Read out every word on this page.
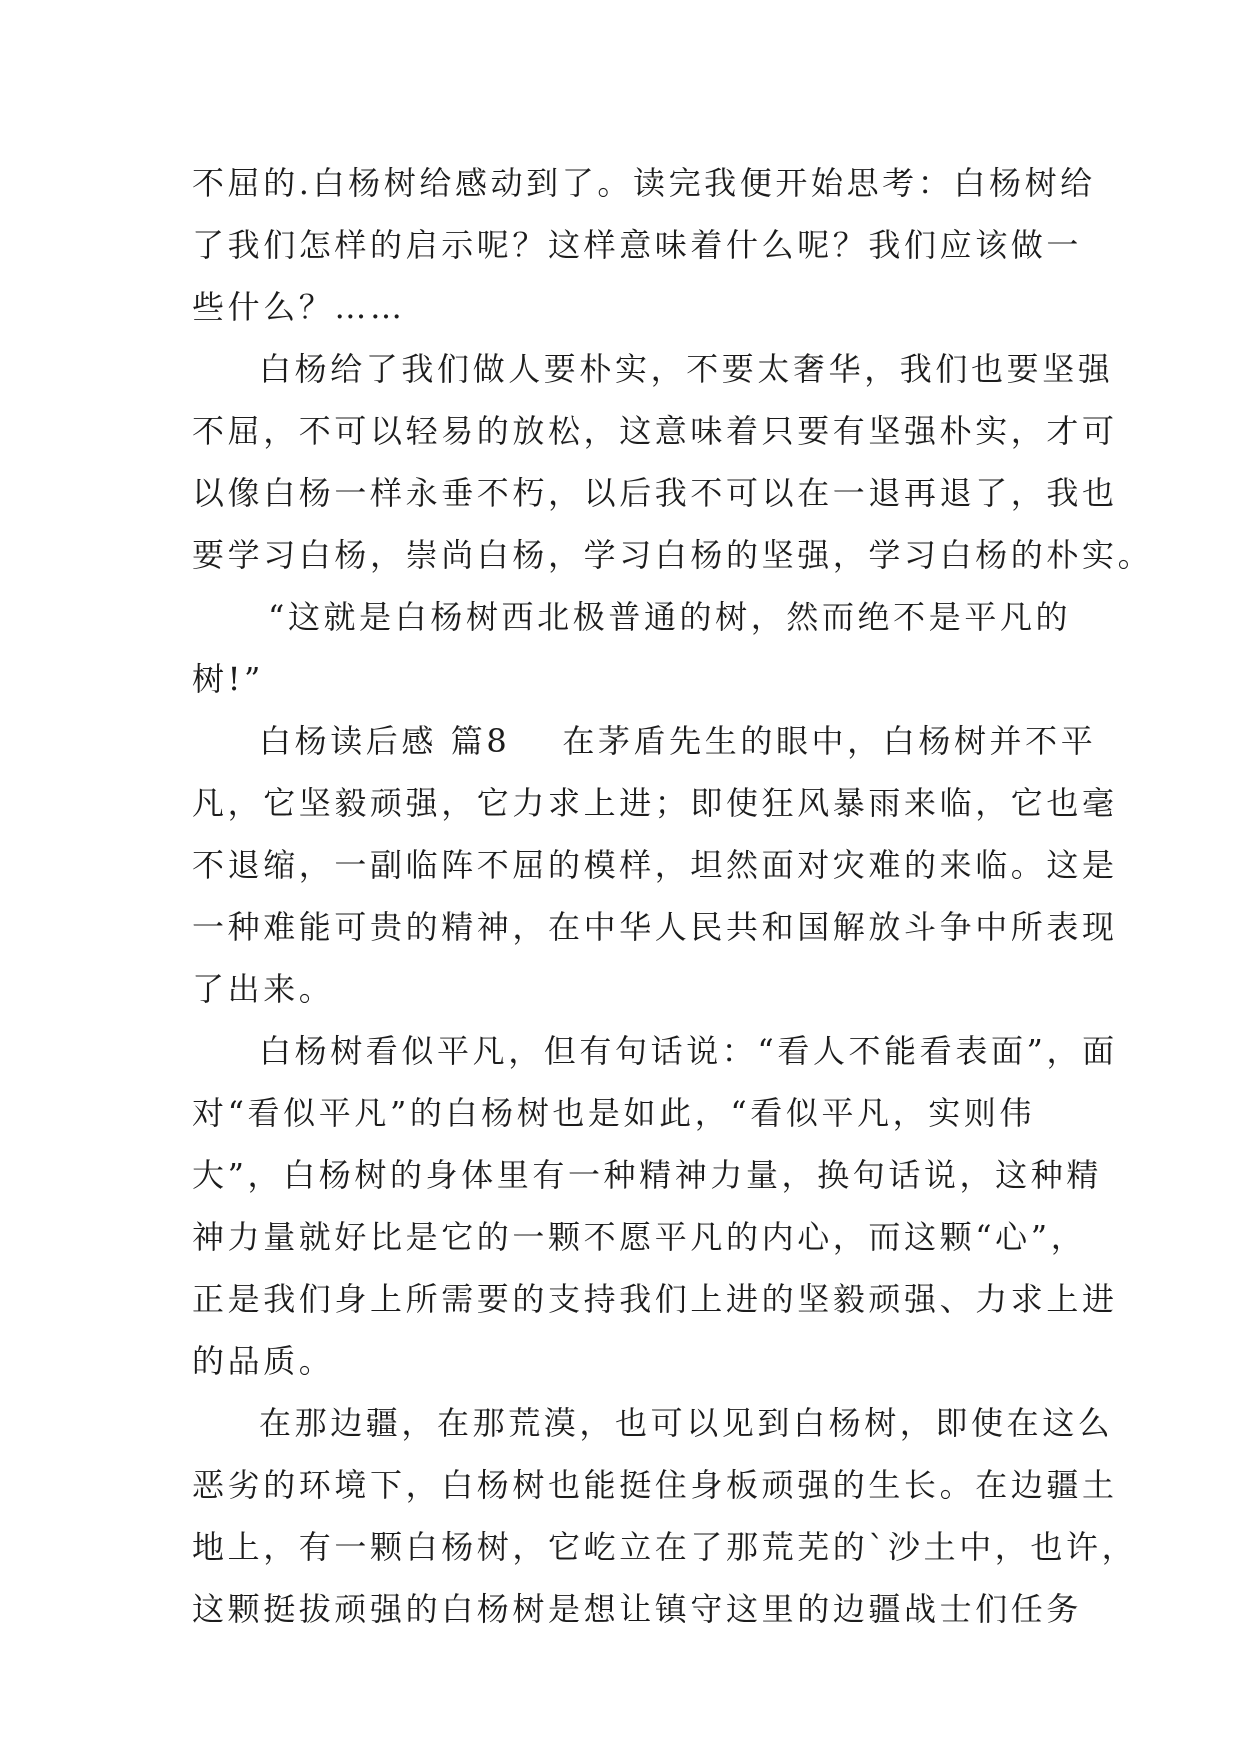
不屈的.白杨树给感动到了。读完我便开始思考：白杨树给
了我们怎样的启示呢？这样意味着什么呢？我们应该做一
些什么？……
白杨给了我们做人要朴实，不要太奢华，我们也要坚强
不屈，不可以轻易的放松，这意味着只要有坚强朴实，才可
以像白杨一样永垂不朽，以后我不可以在一退再退了，我也
要学习白杨，崇尚白杨，学习白杨的坚强，学习白杨的朴实。
“这就是白杨树西北极普通的树，然而绝不是平凡的
树!”
白杨读后感 篇8 在茅盾先生的眼中，白杨树并不平
凡，它坚毅顽强，它力求上进；即使狂风暴雨来临，它也毫
不退缩，一副临阵不屈的模样，坦然面对灾难的来临。这是
一种难能可贵的精神，在中华人民共和国解放斗争中所表现
了出来。
白杨树看似平凡，但有句话说：“看人不能看表面”，面
对“看似平凡”的白杨树也是如此，“看似平凡，实则伟
大”，白杨树的身体里有一种精神力量，换句话说，这种精
神力量就好比是它的一颗不愿平凡的内心，而这颗“心”，
正是我们身上所需要的支持我们上进的坚毅顽强、力求上进
的品质。
在那边疆，在那荒漠，也可以见到白杨树，即使在这么
恶劣的环境下，白杨树也能挺住身板顽强的生长。在边疆土
地上，有一颗白杨树，它屹立在了那荒芜的`沙土中，也许，
这颗挺拔顽强的白杨树是想让镇守这里的边疆战士们任务
